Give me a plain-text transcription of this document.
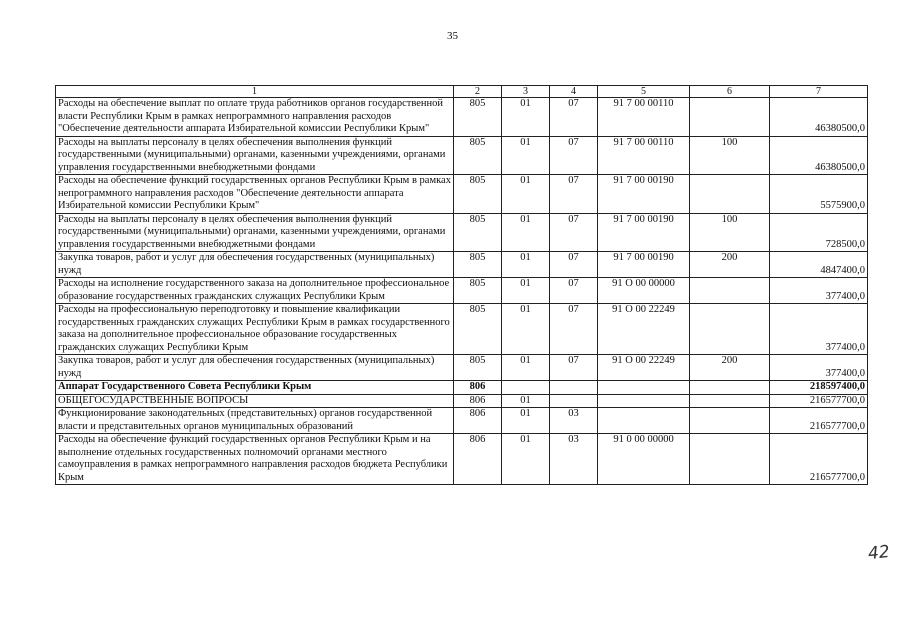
35
1	2	3	4	5	6	7
Расходы на обеспечение выплат по оплате труда работников органов государственной власти Республики Крым в рамках непрограммного направления расходов "Обеспечение деятельности аппарата Избирательной комиссии Республики Крым"	805	01	07	91 7 00 00110		46380500,0
Расходы на выплаты персоналу в целях обеспечения выполнения функций государственными (муниципальными) органами, казенными учреждениями, органами управления государственными внебюджетными фондами	805	01	07	91 7 00 00110	100	46380500,0
Расходы на обеспечение функций государственных органов Республики Крым в рамках непрограммного направления расходов "Обеспечение деятельности аппарата Избирательной комиссии Республики Крым"	805	01	07	91 7 00 00190		5575900,0
Расходы на выплаты персоналу в целях обеспечения выполнения функций государственными (муниципальными) органами, казенными учреждениями, органами управления государственными внебюджетными фондами	805	01	07	91 7 00 00190	100	728500,0
Закупка товаров, работ и услуг для обеспечения государственных (муниципальных) нужд	805	01	07	91 7 00 00190	200	4847400,0
Расходы на исполнение государственного заказа на дополнительное профессиональное образование государственных гражданских служащих Республики Крым	805	01	07	91 О 00 00000		377400,0
Расходы на профессиональную переподготовку и повышение квалификации государственных гражданских служащих Республики Крым в рамках государственного заказа на дополнительное профессиональное образование государственных гражданских служащих Республики Крым	805	01	07	91 О 00 22249		377400,0
Закупка товаров, работ и услуг для обеспечения государственных (муниципальных) нужд	805	01	07	91 О 00 22249	200	377400,0
Аппарат Государственного Совета Республики Крым	806					218597400,0
ОБЩЕГОСУДАРСТВЕННЫЕ ВОПРОСЫ	806	01				216577700,0
Функционирование законодательных (представительных) органов государственной власти и представительных органов муниципальных образований	806	01	03			216577700,0
Расходы на обеспечение функций государственных органов Республики Крым и на выполнение отдельных государственных полномочий органами местного самоуправления в рамках непрограммного направления расходов бюджета Республики Крым	806	01	03	91 0 00 00000		216577700,0
42
